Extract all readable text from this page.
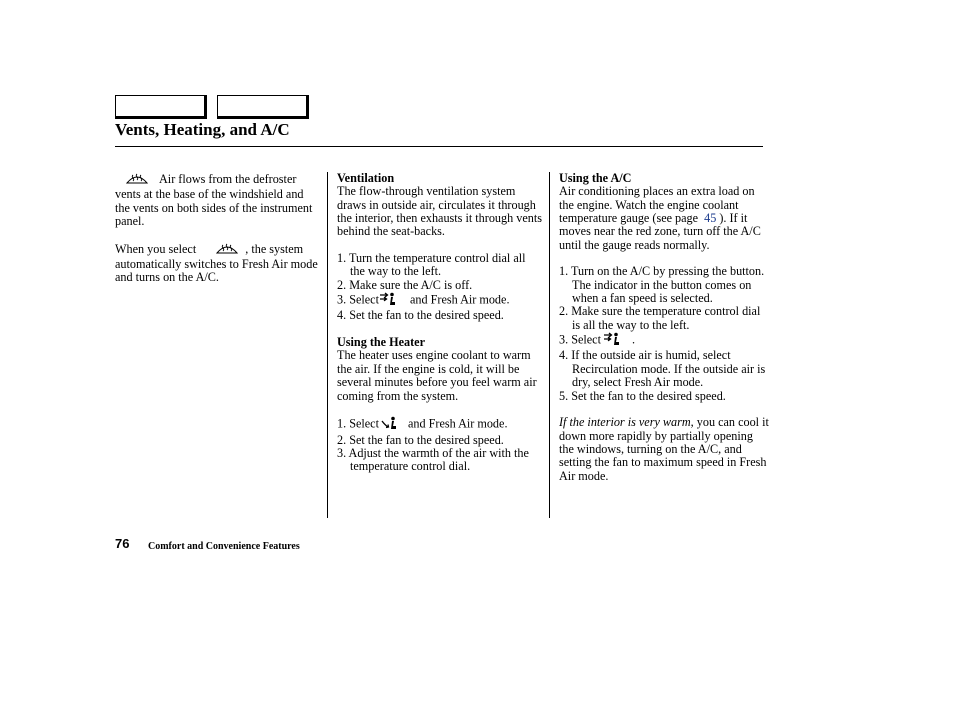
Vents, Heating, and A/C
Air flows from the defroster vents at the base of the windshield and the vents on both sides of the instrument panel.
When you select	, the system automatically switches to Fresh Air mode and turns on the A/C.
Ventilation
The flow-through ventilation system draws in outside air, circulates it through the interior, then exhausts it through vents behind the seat-backs.
1. Turn the temperature control dial all the way to the left.
2. Make sure the A/C is off.
3. Select	and Fresh Air mode.
4. Set the fan to the desired speed.
Using the Heater
The heater uses engine coolant to warm the air. If the engine is cold, it will be several minutes before you feel warm air coming from the system.
1. Select and Fresh Air mode.
2. Set the fan to the desired speed.
3. Adjust the warmth of the air with the temperature control dial.
Using the A/C
Air conditioning places an extra load on the engine. Watch the engine coolant temperature gauge (see page 45 ). If it moves near the red zone, turn off the A/C until the gauge reads normally.
1. Turn on the A/C by pressing the button. The indicator in the button comes on when a fan speed is selected.
2. Make sure the temperature control dial is all the way to the left.
3. Select	.
4. If the outside air is humid, select Recirculation mode. If the outside air is dry, select Fresh Air mode.
5. Set the fan to the desired speed.
If the interior is very warm, you can cool it down more rapidly by partially opening the windows, turning on the A/C, and setting the fan to maximum speed in Fresh Air mode.
76 Comfort and Convenience Features
